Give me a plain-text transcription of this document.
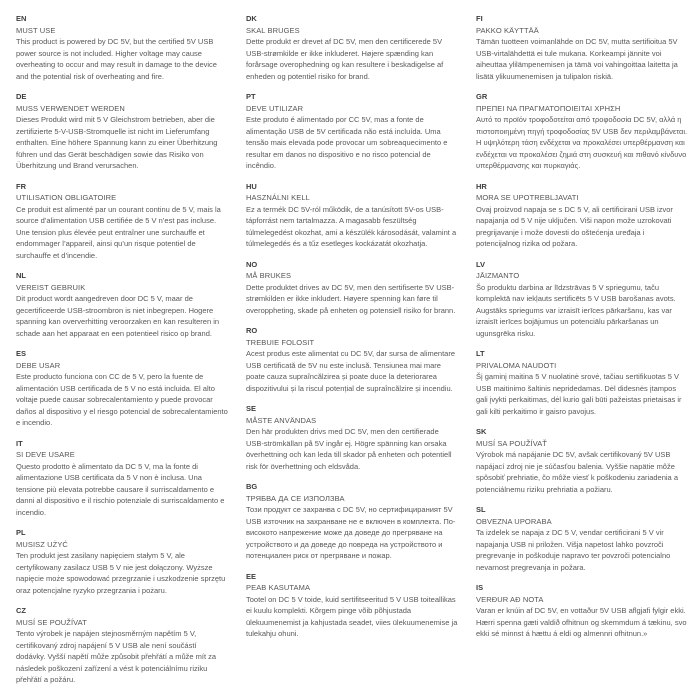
EN
MUST USE

This product is powered by DC 5V, but the certified 5V USB power source is not included. Higher voltage may cause overheating to occur and may result in damage to the device and the potential risk of overheating and fire.

DE
MUSS VERWENDET WERDEN

Dieses Produkt wird mit 5 V Gleichstrom betrieben, aber die zertifizierte 5-V-USB-Stromquelle ist nicht im Lieferumfang enthalten. Eine höhere Spannung kann zu einer Überhitzung führen und das Gerät beschädigen sowie das Risiko von Überhitzung und Brand verursachen.

FR
UTILISATION OBLIGATOIRE

Ce produit est alimenté par un courant continu de 5 V, mais la source d’alimentation USB certifiée de 5 V n’est pas incluse. Une tension plus élevée peut entraîner une surchauffe et endommager l’appareil, ainsi qu’un risque potentiel de surchauffe et d’incendie.

NL
VEREIST GEBRUIK

Dit product wordt aangedreven door DC 5 V, maar de gecertificeerde USB-stroombron is niet inbegrepen. Hogere spanning kan oververhitting veroorzaken en kan resulteren in schade aan het apparaat en een potentieel risico op brand.

ES
DEBE USAR

Este producto funciona con CC de 5 V, pero la fuente de alimentación USB certificada de 5 V no está incluida. El alto voltaje puede causar sobrecalentamiento y puede provocar daños al dispositivo y el riesgo potencial de sobrecalentamiento e incendio.

IT
SI DEVE USARE

Questo prodotto è alimentato da DC 5 V, ma la fonte di alimentazione USB certificata da 5 V non è inclusa. Una tensione più elevata potrebbe causare il surriscaldamento e danni al dispositivo e il rischio potenziale di surriscaldamento e incendio.

PL
MUSISZ UŻYĆ

Ten produkt jest zasilany napięciem stałym 5 V, ale certyfikowany zasilacz USB 5 V nie jest dołączony. Wyższe napięcie może spowodować przegrzanie i uszkodzenie sprzętu oraz potencjalne ryzyko przegrzania i pożaru.

CZ
MUSÍ SE POUŽÍVAT

Tento výrobek je napájen stejnosměrným napětím 5 V, certifikovaný zdroj napájení 5 V USB ale není součástí dodávky. Vyšší napětí může způsobit přehřátí a může mít za následek poškození zařízení a vést k potenciálnímu riziku přehřátí a požáru.

DK
SKAL BRUGES

Dette produkt er drevet af DC 5V, men den certificerede 5V USB-strømkilde er ikke inkluderet. Højere spænding kan forårsage overophedning og kan resultere i beskadigelse af enheden og potentiel risiko for brand.

PT
DEVE UTILIZAR

Este produto é alimentado por CC 5V, mas a fonte de alimentação USB de 5V certificada não está incluída. Uma tensão mais elevada pode provocar um sobreaquecimento e resultar em danos no dispositivo e no risco potencial de incêndio.

HU
HASZNÁLNI KELL

Ez a termék DC 5V-ról működik, de a tanúsított 5V-os USB-tápforrást nem tartalmazza. A magasabb feszültség túlmelegedést okozhat, ami a készülék károsodását, valamint a túlmelegedés és a tűz esetleges kockázatát okozhatja.

NO
MÅ BRUKES

Dette produktet drives av DC 5V, men den sertifiserte 5V USB-strømkilden er ikke inkludert. Høyere spenning kan føre til overoppheting, skade på enheten og potensiell risiko for brann.

RO
TREBUIE FOLOSIT

Acest produs este alimentat cu DC 5V, dar sursa de alimentare USB certificată de 5V nu este inclusă. Tensiunea mai mare poate cauza supraîncălzirea și poate duce la deteriorarea dispozitivului și la riscul potențial de supraîncălzire și incendiu.

SE
MÅSTE ANVÄNDAS

Den här produkten drivs med DC 5V, men den certifierade USB-strömkällan på 5V ingår ej. Högre spänning kan orsaka överhettning och kan leda till skador på enheten och potentiell risk för överhettning och eldsvåda.

BG
ТРЯБВА ДА СЕ ИЗПОЛЗВА

Този продукт се захранва с DC 5V, но сертифицираният 5V USB източник на захранване не е включен в комплекта. По-високото напрежение може да доведе до прегряване на устройството и да доведе до повреда на устройството и потенциален риск от прегряване и пожар.

EE
PEAB KASUTAMA

Tootel on DC 5 V toide, kuid sertifitseeritud 5 V USB toiteallikas ei kuulu komplekti. Kõrgem pinge võib põhjustada ülekuumenemist ja kahjustada seadet, viies ülekuumenemise ja tulekahju ohuni.

FI
PAKKO KÄYTTÄÄ

Tämän tuotteen voimanlähde on DC 5V, mutta sertifioitua 5V USB-virtalähdettä ei tule mukana. Korkeampi jännite voi aiheuttaa ylilämpenemisen ja tämä voi vahingoittaa laitetta ja lisätä ylikuumenemisen ja tulipalon riskiä.

GR
ΠΡΕΠΕΙ ΝΑ ΠΡΑΓΜΑΤΟΠΟΙΕΙΤΑΙ ΧΡΗΣΗ

Αυτό το προϊόν τροφοδοτείται από τροφοδοσία DC 5V, αλλά η πιστοποιημένη πηγή τροφοδοσίας 5V USB δεν περιλαμβάνεται. Η υψηλότερη τάση ενδέχεται να προκαλέσει υπερθέρμανση και ενδέχεται να προκαλέσει ζημιά στη συσκευή και πιθανό κίνδυνο υπερθέρμανσης και πυρκαγιάς.

HR
MORA SE UPOTREBLJAVATI

Ovaj proizvod napaja se s DC 5 V, ali certificirani USB izvor napajanja od 5 V nije uključen. Viši napon može uzrokovati pregrijavanje i može dovesti do oštećenja uređaja i potencijalnog rizika od požara.

LV
JĀIZMANTO

Šo produktu darbina ar līdzstrāvas 5 V spriegumu, taču komplektā nav iekļauts sertificēts 5 V USB barošanas avots. Augstāks spriegums var izraisīt ierīces pārkaršanu, kas var izraisīt ierīces bojājumus un potenciālu pārkaršanas un ugunsgrēka risku.

LT
PRIVALOMA NAUDOTI

Šį gaminį maitina 5 V nuolatinė srovė, tačiau sertifikuotas 5 V USB maitinimo šaltinis nepridedamas. Dėl didesnės įtampos gali įvykti perkaitimas, dėl kurio gali būti pažeistas prietaisas ir gali kilti perkaitimo ir gaisro pavojus.

SK
MUSÍ SA POUŽÍVAŤ

Výrobok má napájanie DC 5V, avšak certifikovaný 5V USB napájací zdroj nie je súčasťou balenia. Vyššie napätie môže spôsobiť prehriatie, čo môže viesť k poškodeniu zariadenia a potenciálnemu riziku prehriatia a požiaru.

SL
OBVEZNA UPORABA

Ta izdelek se napaja z DC 5 V, vendar certificirani 5 V vir napajanja USB ni priložen. Višja napetost lahko povzroči pregrevanje in poškoduje napravo ter povzroči potencialno nevarnost pregrevanja in požara.

IS
VERÐUR AÐ NOTA

Varan er knúin af DC 5V, en vottaður 5V USB aflgjafi fylgir ekki. Hærri spenna gæti valdið ofhitnun og skemmdum á tækinu, svo ekki sé minnst á hættu á eldi og almennri ofhitnun.»
